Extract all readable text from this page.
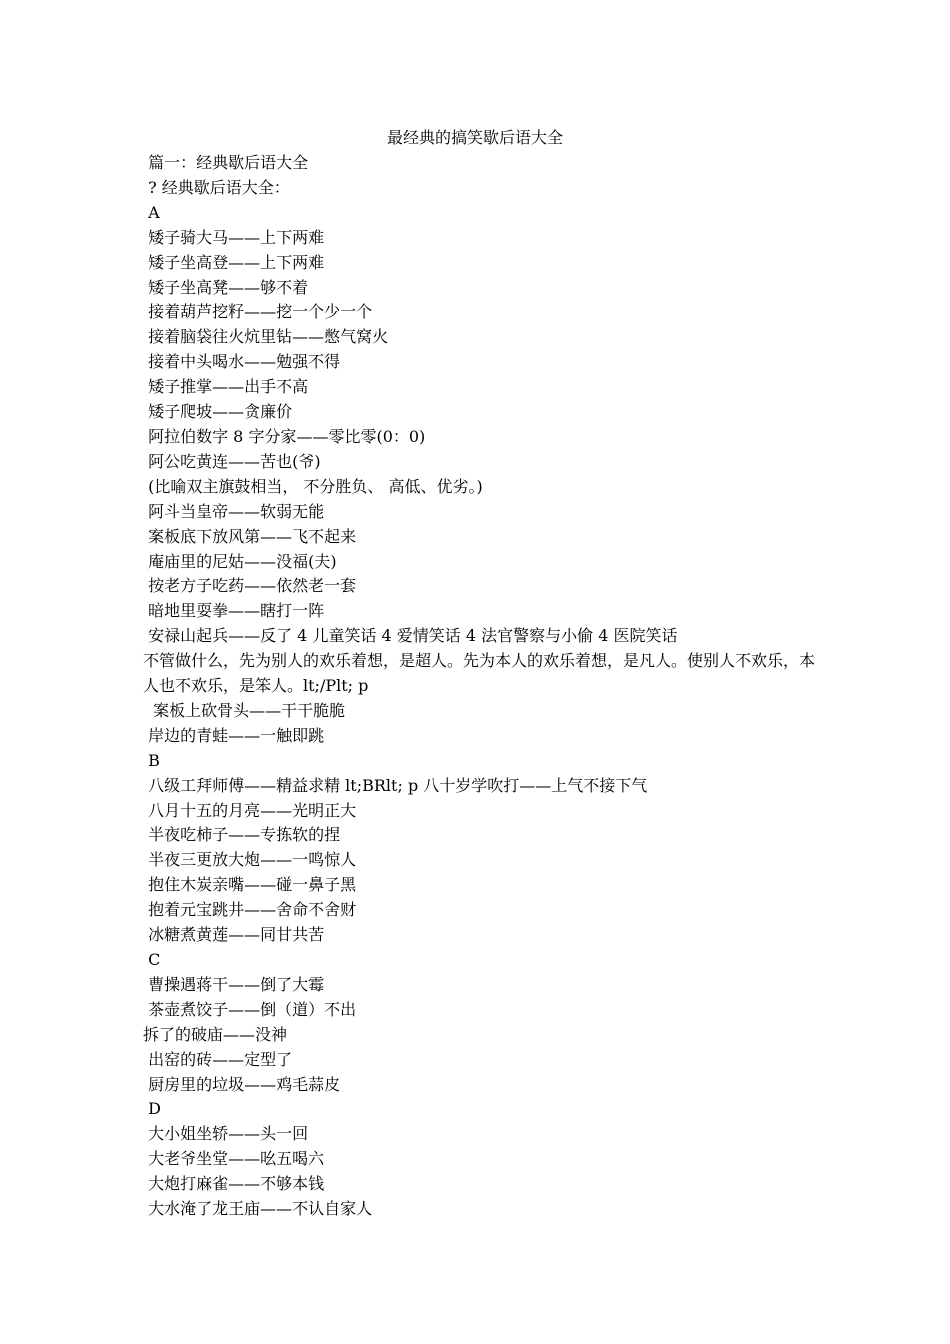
最经典的搞笑歇后语大全

篇一：经典歇后语大全

? 经典歇后语大全：

A

矮子骑大马——上下两难

矮子坐高登——上下两难

矮子坐高凳——够不着

接着葫芦挖籽——挖一个少一个

接着脑袋往火炕里钻——憋气窝火

接着中头喝水——勉强不得

矮子推掌——出手不高

矮子爬坡——贪廉价

阿拉伯数字 8 字分家——零比零(0：0)

阿公吃黄连——苦也(爷)

(比喻双主旗鼓相当， 不分胜负、 高低、优劣。)

阿斗当皇帝——软弱无能

案板底下放风第——飞不起来

庵庙里的尼姑——没福(夫)

按老方子吃药——依然老一套

暗地里耍拳——瞎打一阵

安禄山起兵——反了 4 儿童笑话 4 爱情笑话 4 法官警察与小偷 4 医院笑话

不管做什么，先为别人的欢乐着想，是超人。先为本人的欢乐着想，是凡人。使别人不欢乐，本人也不欢乐，是笨人。lt;/Plt; p

案板上砍骨头——干干脆脆

岸边的青蛙——一触即跳

B

八级工拜师傅——精益求精 lt;BRlt; p 八十岁学吹打——上气不接下气

八月十五的月亮——光明正大

半夜吃柿子——专拣软的捏

半夜三更放大炮——一鸣惊人

抱住木炭亲嘴——碰一鼻子黑

抱着元宝跳井——舍命不舍财

冰糖煮黄莲——同甘共苦

C

曹操遇蒋干——倒了大霉

茶壶煮饺子——倒（道）不出

拆了的破庙——没神

出窑的砖——定型了

厨房里的垃圾——鸡毛蒜皮

D

大小姐坐轿——头一回

大老爷坐堂——吆五喝六

大炮打麻雀——不够本钱

大水淹了龙王庙——不认自家人
